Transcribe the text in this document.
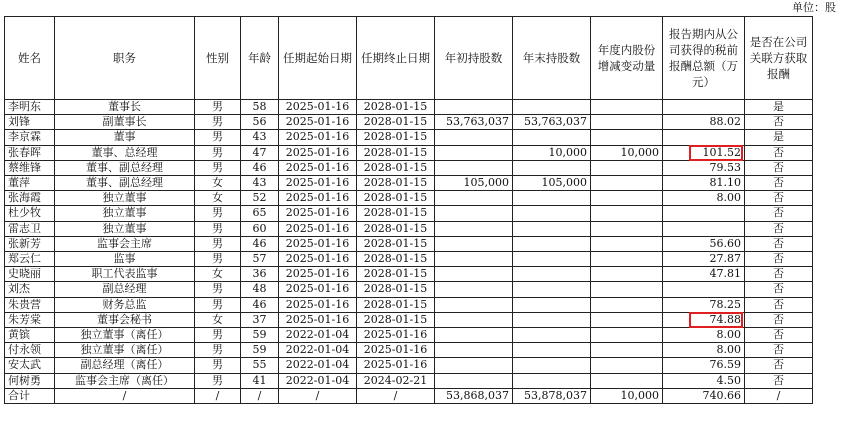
单位：股
姓名	职务	性别	年龄	任期起始日期	任期终止日期	年初持股数	年末持股数	年度内股份增减变动量	报告期内从公司获得的税前报酬总额（万元）	是否在公司关联方获取报酬
李明东	董事长	男	58	2025-01-16	2028-01-15					是
刘锋	副董事长	男	56	2025-01-16	2028-01-15	53,763,037	53,763,037		88.02	否
李京霖	董事	男	43	2025-01-16	2028-01-15					是
张春晖	董事、总经理	男	47	2025-01-16	2028-01-15		10,000	10,000	101.52	否
蔡维锋	董事、副总经理	男	46	2025-01-16	2028-01-15				79.53	否
董萍	董事、副总经理	女	43	2025-01-16	2028-01-15	105,000	105,000		81.10	否
张海霞	独立董事	女	52	2025-01-16	2028-01-15				8.00	否
杜少牧	独立董事	男	65	2025-01-16	2028-01-15					否
雷志卫	独立董事	男	60	2025-01-16	2028-01-15					否
张新芳	监事会主席	男	46	2025-01-16	2028-01-15				56.60	否
郑云仁	监事	男	57	2025-01-16	2028-01-15				27.87	否
史晓丽	职工代表监事	女	36	2025-01-16	2028-01-15				47.81	否
刘杰	副总经理	男	48	2025-01-16	2028-01-15					否
朱贵营	财务总监	男	46	2025-01-16	2028-01-15				78.25	否
朱芳棠	董事会秘书	女	37	2025-01-16	2028-01-15				74.88	否
黄镔	独立董事（离任）	男	59	2022-01-04	2025-01-16				8.00	否
付永领	独立董事（离任）	男	59	2022-01-04	2025-01-16				8.00	否
安太武	副总经理（离任）	男	55	2022-01-04	2025-01-16				76.59	否
何树勇	监事会主席（离任）	男	41	2022-01-04	2024-02-21				4.50	否
合计	/	/	/	/	/	53,868,037	53,878,037	10,000	740.66	/
